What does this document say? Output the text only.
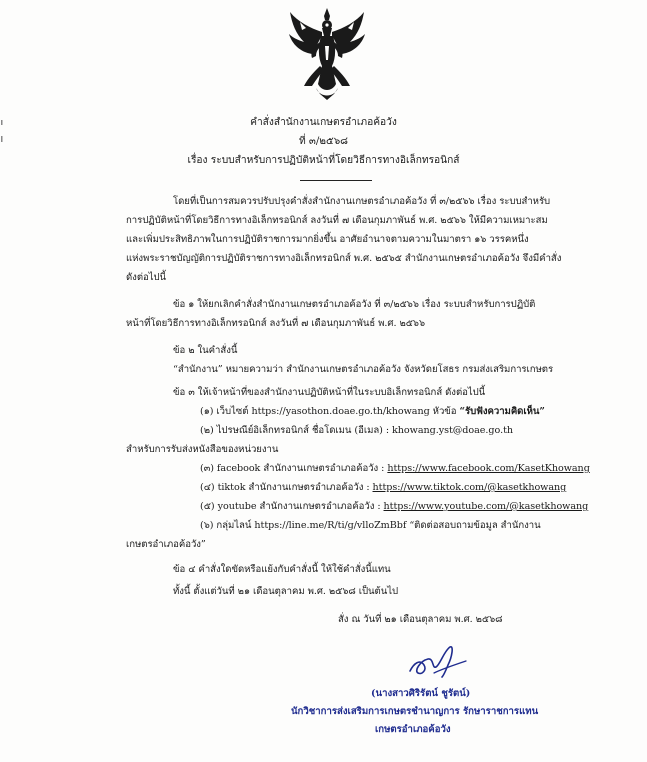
คำสั่งสำนักงานเกษตรอำเภอค้อวัง
ที่ ๓/๒๕๖๘
เรื่อง ระบบสำหรับการปฏิบัติหน้าที่โดยวิธีการทางอิเล็กทรอนิกส์
โดยที่เป็นการสมควรปรับปรุงคำสั่งสำนักงานเกษตรอำเภอค้อวัง ที่ ๓/๒๕๖๖ เรื่อง ระบบสำหรับ
การปฏิบัติหน้าที่โดยวิธีการทางอิเล็กทรอนิกส์ ลงวันที่ ๗ เดือนกุมภาพันธ์ พ.ศ. ๒๕๖๖ ให้มีความเหมาะสม
และเพิ่มประสิทธิภาพในการปฏิบัติราชการมากยิ่งขึ้น อาศัยอำนาจตามความในมาตรา ๑๖ วรรคหนึ่ง
แห่งพระราชบัญญัติการปฏิบัติราชการทางอิเล็กทรอนิกส์ พ.ศ. ๒๕๖๕ สำนักงานเกษตรอำเภอค้อวัง จึงมีคำสั่ง
ดังต่อไปนี้
ข้อ ๑ ให้ยกเลิกคำสั่งสำนักงานเกษตรอำเภอค้อวัง ที่ ๓/๒๕๖๖ เรื่อง ระบบสำหรับการปฏิบัติ
หน้าที่โดยวิธีการทางอิเล็กทรอนิกส์ ลงวันที่ ๗ เดือนกุมภาพันธ์ พ.ศ. ๒๕๖๖
ข้อ ๒ ในคำสั่งนี้
“สำนักงาน” หมายความว่า สำนักงานเกษตรอำเภอค้อวัง จังหวัดยโสธร กรมส่งเสริมการเกษตร
ข้อ ๓ ให้เจ้าหน้าที่ของสำนักงานปฏิบัติหน้าที่ในระบบอิเล็กทรอนิกส์ ดังต่อไปนี้
(๑) เว็บไซต์ https://yasothon.doae.go.th/khowang หัวข้อ “รับฟังความคิดเห็น”
(๒) ไปรษณีย์อิเล็กทรอนิกส์ ชื่อโดเมน (อีเมล) : khowang.yst@doae.go.th
สำหรับการรับส่งหนังสือของหน่วยงาน
(๓) facebook สำนักงานเกษตรอำเภอค้อวัง : https://www.facebook.com/KasetKhowang
(๔) tiktok สำนักงานเกษตรอำเภอค้อวัง : https://www.tiktok.com/@kasetkhowang
(๕) youtube สำนักงานเกษตรอำเภอค้อวัง : https://www.youtube.com/@kasetkhowang
(๖) กลุ่มไลน์ https://line.me/R/ti/g/vlloZmBbf “ติดต่อสอบถามข้อมูล สำนักงาน
เกษตรอำเภอค้อวัง”
ข้อ ๔ คำสั่งใดขัดหรือแย้งกับคำสั่งนี้ ให้ใช้คำสั่งนี้แทน
ทั้งนี้ ตั้งแต่วันที่ ๒๑ เดือนตุลาคม พ.ศ. ๒๕๖๘ เป็นต้นไป
สั่ง ณ วันที่ ๒๑ เดือนตุลาคม พ.ศ. ๒๕๖๘
(นางสาวศิริรัตน์ ชูรัตน์)
นักวิชาการส่งเสริมการเกษตรชำนาญการ รักษาราชการแทน
เกษตรอำเภอค้อวัง
